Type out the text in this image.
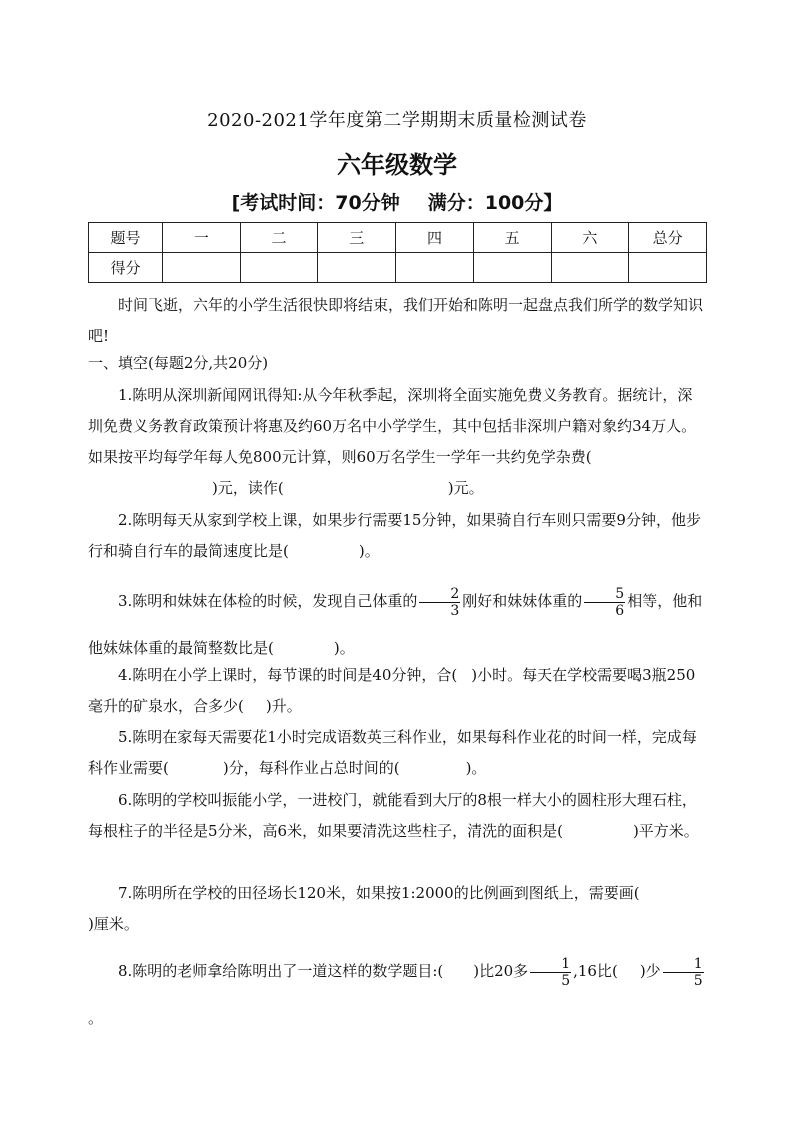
2020-2021学年度第二学期期末质量检测试卷
六年级数学
[考试时间：70分钟 满分：100分】
题号	一	二	三	四	五	六	总分
得分							
时间飞逝，六年的小学生活很快即将结束，我们开始和陈明一起盘点我们所学的数学知识吧!
一、填空(每题2分,共20分)
1.陈明从深圳新闻网讯得知:从今年秋季起，深圳将全面实施免费义务教育。据统计，深圳免费义务教育政策预计将惠及约60万名中小学学生，其中包括非深圳户籍对象约34万人。如果按平均每学年每人免800元计算，则60万名学生一学年一共约免学杂费()元，读作(	)元。
2.陈明每天从家到学校上课，如果步行需要15分钟，如果骑自行车则只需要9分钟，他步行和骑自行车的最简速度比是(	)。
3.陈明和妹妹在体检的时候，发现自己体重的 $\frac{2}{3}$ 刚好和妹妹体重的 $\frac{5}{6}$ 相等，他和他妹妹体重的最简整数比是(	)。
4.陈明在小学上课时，每节课的时间是40分钟，合( )小时。每天在学校需要喝3瓶250毫升的矿泉水，合多少( )升。
5.陈明在家每天需要花1小时完成语数英三科作业，如果每科作业花的时间一样，完成每科作业需要(	)分，每科作业占总时间的(	)。
6.陈明的学校叫振能小学，一进校门，就能看到大厅的8根一样大小的圆柱形大理石柱，每根柱子的半径是5分米，高6米，如果要清洗这些柱子，清洗的面积是(	)平方米。
7.陈明所在学校的田径场长120米，如果按1:2000的比例画到图纸上，需要画()厘米。
8.陈明的老师拿给陈明出了一道这样的数学题目:( )比20多 $\frac{1}{5} ,16$比( )少 $\frac{1}{5}$
。
